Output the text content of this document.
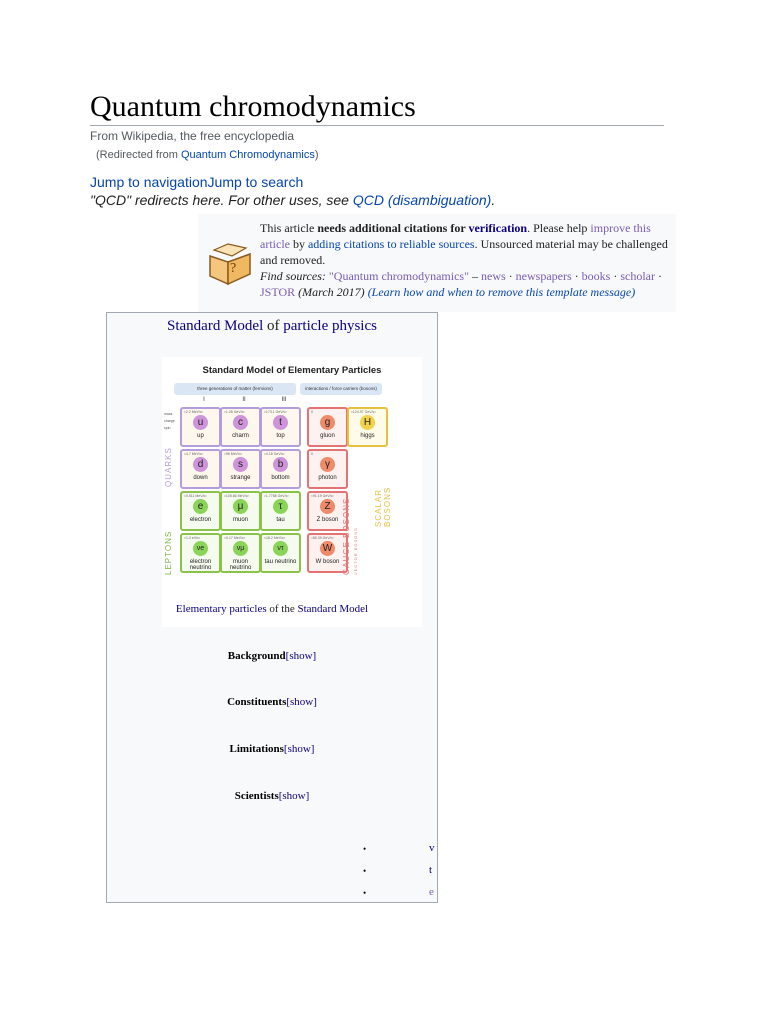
Quantum chromodynamics
From Wikipedia, the free encyclopedia
(Redirected from Quantum Chromodynamics)
Jump to navigationJump to search
"QCD" redirects here. For other uses, see QCD (disambiguation).
?
This article needs additional citations for verification. Please help improve this article by adding citations to reliable sources. Unsourced material may be challenged and removed.
Find sources: "Quantum chromodynamics" – news · newspapers · books · scholar · JSTOR (March 2017) (Learn how and when to remove this template message)
Standard Model of particle physics
Standard Model of Elementary Particles
three generations of matter (fermions)	interactions / force carriers (bosons)
I	II	III
mass
charge
spin
≈2.2 MeV/c²
u
up
≈1.28 GeV/c²
c
charm
≈173.1 GeV/c²
t
top
0
g
gluon
≈124.97 GeV/c²
H
higgs
≈4.7 MeV/c²
d
down
≈96 MeV/c²
s
strange
≈4.18 GeV/c²
b
bottom
0
γ
photon
≈0.511 MeV/c²
e
electron
≈105.66 MeV/c²
μ
muon
≈1.7768 GeV/c²
τ
tau
≈91.19 GeV/c²
Z
Z boson
<1.0 eV/c²
νe
electron neutrino
<0.17 MeV/c²
νμ
muon neutrino
<18.2 MeV/c²
ντ
tau neutrino
≈80.39 GeV/c²
W
W boson
QUARKS
LEPTONS	GAUGE BOSONS VECTOR BOSONS
SCALAR BOSONS
Elementary particles of the Standard Model
Background[show]
Constituents[show]
Limitations[show]
Scientists[show]
•	v
•	t
•	e
